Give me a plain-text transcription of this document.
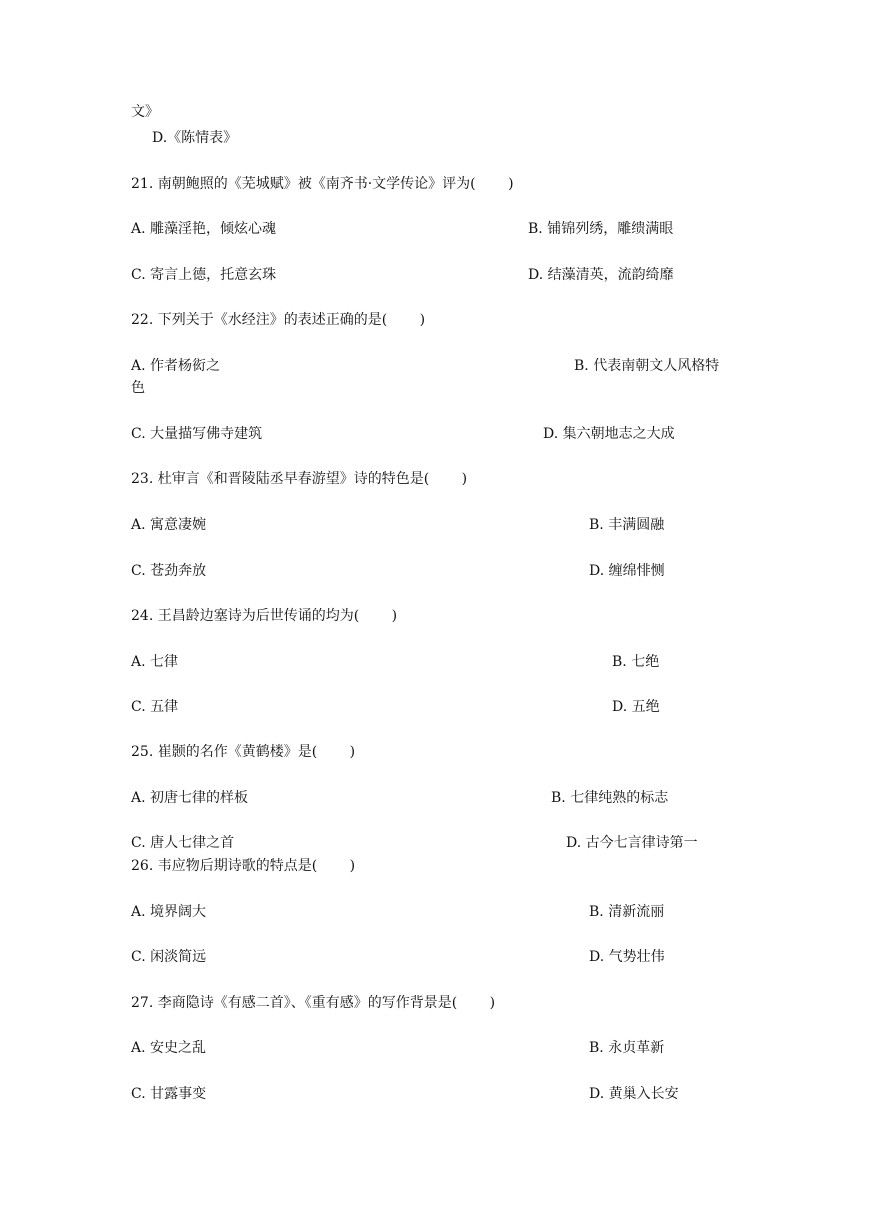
文》
D.《陈情表》
21. 南朝鲍照的《芜城赋》被《南齐书·文学传论》评为(　　 )
A. 雕藻淫艳，倾炫心魂	B. 铺锦列绣，雕缋满眼
C. 寄言上德，托意玄珠	D. 结藻清英，流韵绮靡
22. 下列关于《水经注》的表述正确的是(　　 )
A. 作者杨衒之	B. 代表南朝文人风格特
色
C. 大量描写佛寺建筑	D. 集六朝地志之大成
23. 杜审言《和晋陵陆丞早春游望》诗的特色是(　　 )
A. 寓意凄婉	B. 丰满圆融
C. 苍劲奔放	D. 缠绵悱恻
24. 王昌龄边塞诗为后世传诵的均为(　　 )
A. 七律	B. 七绝
C. 五律	D. 五绝
25. 崔颢的名作《黄鹤楼》是(　　 )
A. 初唐七律的样板	B. 七律纯熟的标志
C. 唐人七律之首	D. 古今七言律诗第一
26. 韦应物后期诗歌的特点是(　　 )
A. 境界阔大	B. 清新流丽
C. 闲淡简远	D. 气势壮伟
27. 李商隐诗《有感二首》、《重有感》的写作背景是(　　 )
A. 安史之乱	B. 永贞革新
C. 甘露事变	D. 黄巢入长安
